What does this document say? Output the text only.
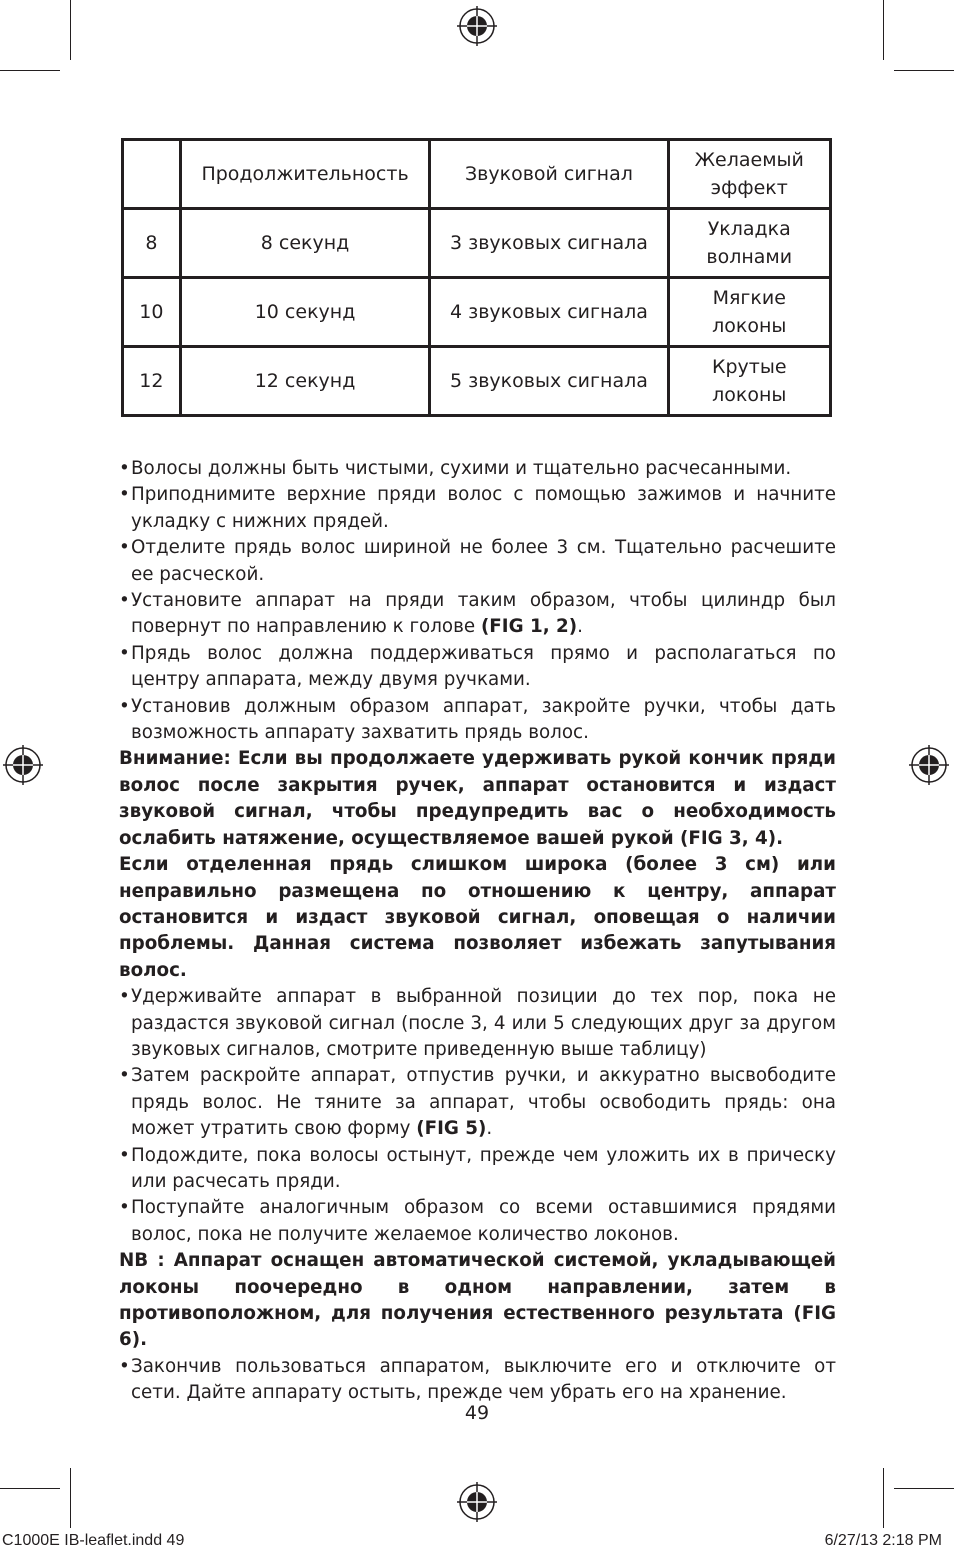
	Продолжительность	Звуковой сигнал	Желаемый эффект
8	8 секунд	3 звуковых сигнала	Укладка волнами
10	10 секунд	4 звуковых сигнала	Мягкие локоны
12	12 секунд	5 звуковых сигнала	Крутые локоны

• Волосы должны быть чистыми, сухими и тщательно расчесанными.

• Приподнимите верхние пряди волос с помощью зажимов и начните укладку с нижних прядей.

• Отделите прядь волос шириной не более 3 см. Тщательно расчешите ее расческой.

• Установите аппарат на пряди таким образом, чтобы цилиндр был повернут по направлению к голове (FIG 1, 2).

• Прядь волос должна поддерживаться прямо и располагаться по центру аппарата, между двумя ручками.

• Установив должным образом аппарат, закройте ручки, чтобы дать возможность аппарату захватить прядь волос.

Внимание: Если вы продолжаете удерживать рукой кончик пряди волос после закрытия ручек, аппарат остановится и издаст звуковой сигнал, чтобы предупредить вас о необходимость ослабить натяжение, осуществляемое вашей рукой (FIG 3, 4).

Если отделенная прядь слишком широка (более 3 см) или неправильно размещена по отношению к центру, аппарат остановится и издаст звуковой сигнал, оповещая о наличии проблемы. Данная система позволяет избежать запутывания волос.

• Удерживайте аппарат в выбранной позиции до тех пор, пока не раздастся звуковой сигнал (после 3, 4 или 5 следующих друг за другом звуковых сигналов, смотрите приведенную выше таблицу)

• Затем раскройте аппарат, отпустив ручки, и аккуратно высвободите прядь волос. Не тяните за аппарат, чтобы освободить прядь: она может утратить свою форму (FIG 5).

• Подождите, пока волосы остынут, прежде чем уложить их в прическу или расчесать пряди.

• Поступайте аналогичным образом со всеми оставшимися прядями волос, пока не получите желаемое количество локонов.

NB : Аппарат оснащен автоматической системой, укладывающей локоны поочередно в одном направлении, затем в противоположном, для получения естественного результата (FIG 6).

• Закончив пользоваться аппаратом, выключите его и отключите от сети. Дайте аппарату остыть, прежде чем убрать его на хранение.

49
C1000E IB-leaflet.indd 49	6/27/13 2:18 PM
